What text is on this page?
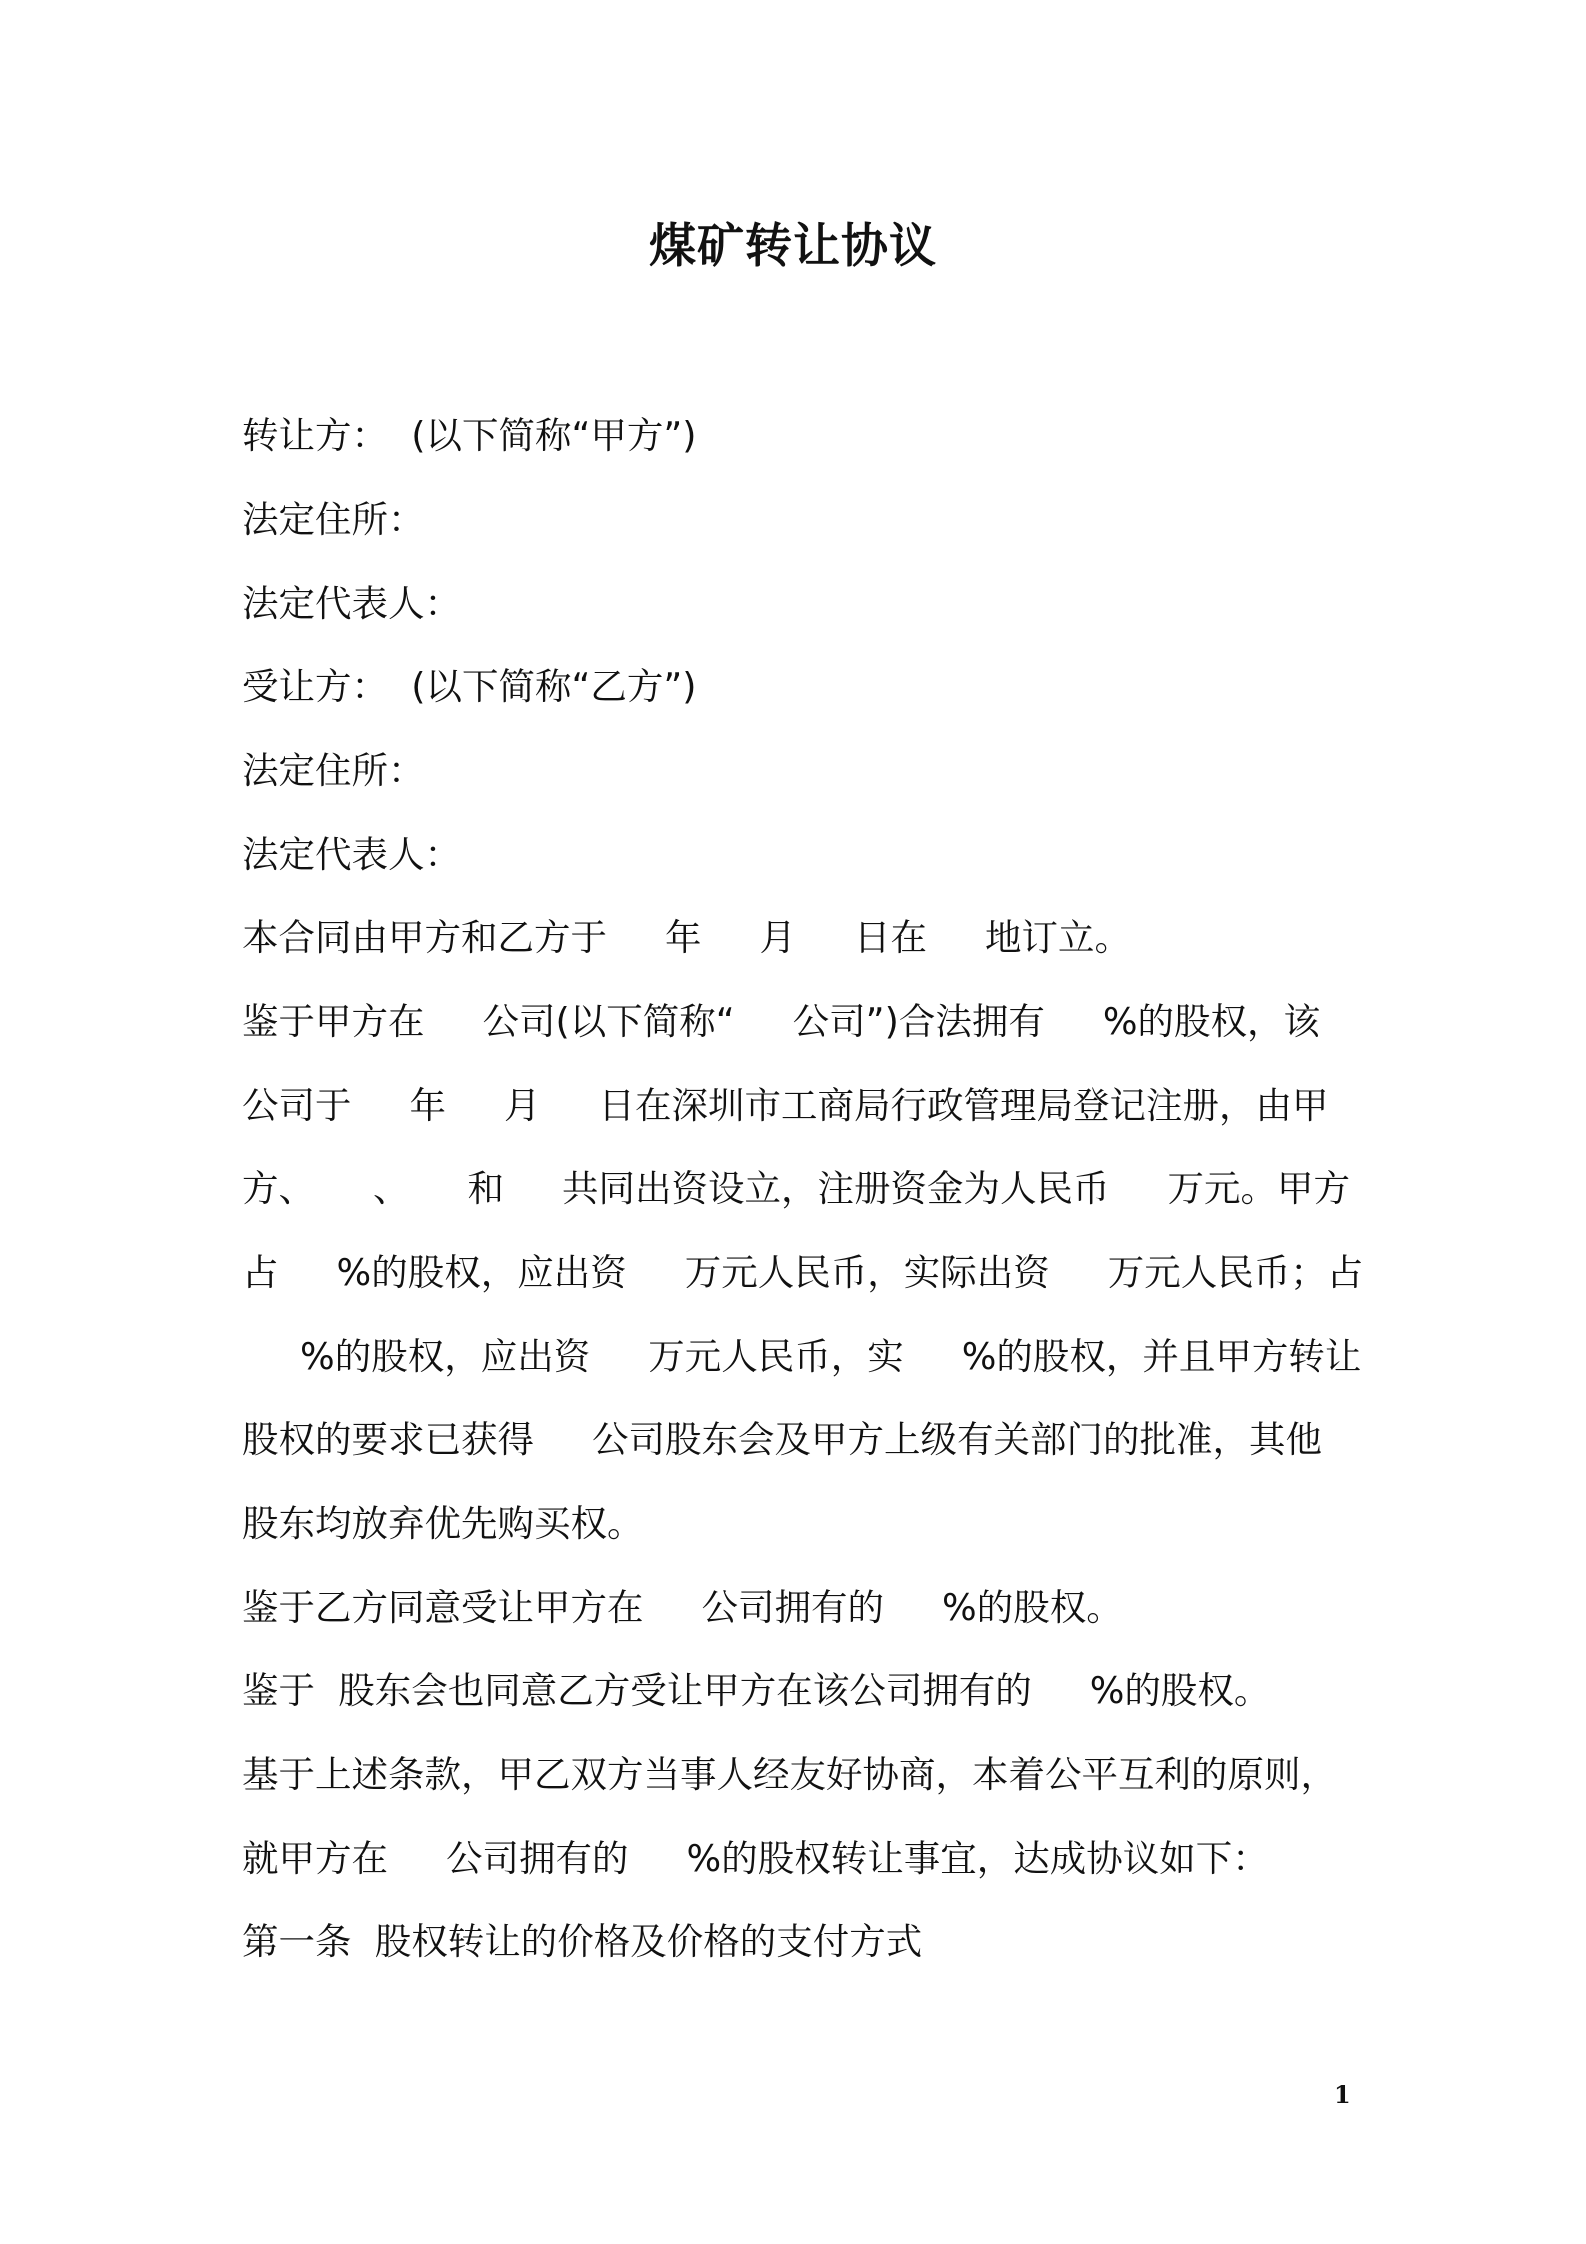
煤矿转让协议
转让方：  (以下简称“甲方”)
法定住所：
法定代表人：
受让方：  (以下简称“乙方”)
法定住所：
法定代表人：
本合同由甲方和乙方于     年     月     日在     地订立。
鉴于甲方在     公司(以下简称“     公司”)合法拥有     %的股权，该
公司于     年     月     日在深圳市工商局行政管理局登记注册，由甲
方、     、     和     共同出资设立，注册资金为人民币     万元。甲方
占     %的股权，应出资     万元人民币，实际出资     万元人民币；占
%的股权，应出资     万元人民币，实     %的股权，并且甲方转让
股权的要求已获得     公司股东会及甲方上级有关部门的批准，其他
股东均放弃优先购买权。
鉴于乙方同意受让甲方在     公司拥有的     %的股权。
鉴于  股东会也同意乙方受让甲方在该公司拥有的     %的股权。
基于上述条款，甲乙双方当事人经友好协商，本着公平互利的原则，
就甲方在     公司拥有的     %的股权转让事宜，达成协议如下：
第一条  股权转让的价格及价格的支付方式
1
